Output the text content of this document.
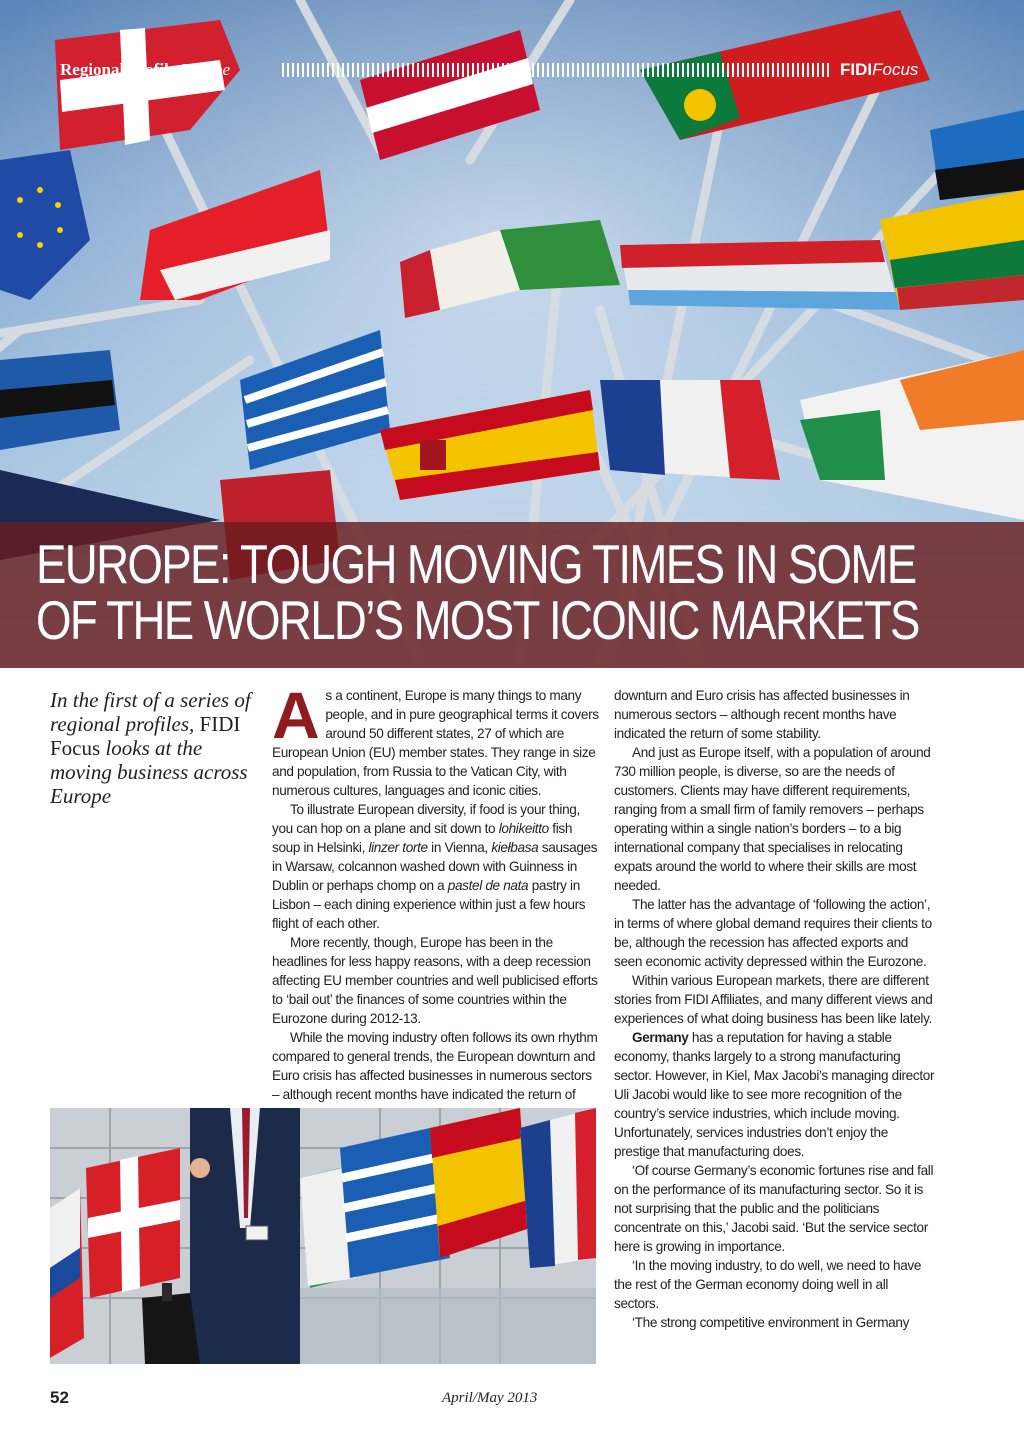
Regional profile Europe	FIDIFocus
EUROPE: TOUGH MOVING TIMES IN SOME
OF THE WORLD’S MOST ICONIC MARKETS

In the first of a series of regional profiles, FIDI Focus looks at the moving business across Europe

As a continent, Europe is many things to many people, and in pure geographical terms it covers around 50 different states, 27 of which are European Union (EU) member states. They range in size and population, from Russia to the Vatican City, with numerous cultures, languages and iconic cities.

To illustrate European diversity, if food is your thing, you can hop on a plane and sit down to lohikeitto fish soup in Helsinki, linzer torte in Vienna, kiełbasa sausages in Warsaw, colcannon washed down with Guinness in Dublin or perhaps chomp on a pastel de nata pastry in Lisbon – each dining experience within just a few hours flight of each other.

More recently, though, Europe has been in the headlines for less happy reasons, with a deep recession affecting EU member countries and well publicised efforts to ‘bail out’ the finances of some countries within the Eurozone during 2012-13.

While the moving industry often follows its own rhythm compared to general trends, the European downturn and Euro crisis has affected businesses in numerous sectors – although recent months have indicated the return of

downturn and Euro crisis has affected businesses in numerous sectors – although recent months have indicated the return of some stability.

And just as Europe itself, with a population of around 730 million people, is diverse, so are the needs of customers. Clients may have different requirements, ranging from a small firm of family removers – perhaps operating within a single nation’s borders – to a big international company that specialises in relocating expats around the world to where their skills are most needed.

The latter has the advantage of ‘following the action’, in terms of where global demand requires their clients to be, although the recession has affected exports and seen economic activity depressed within the Eurozone.

Within various European markets, there are different stories from FIDI Affiliates, and many different views and experiences of what doing business has been like lately.

Germany has a reputation for having a stable economy, thanks largely to a strong manufacturing sector. However, in Kiel, Max Jacobi’s managing director Uli Jacobi would like to see more recognition of the country’s service industries, which include moving. Unfortunately, services industries don’t enjoy the prestige that manufacturing does.

‘Of course Germany’s economic fortunes rise and fall on the performance of its manufacturing sector. So it is not surprising that the public and the politicians concentrate on this,’ Jacobi said. ‘But the service sector here is growing in importance.

‘In the moving industry, to do well, we need to have the rest of the German economy doing well in all sectors.

‘The strong competitive environment in Germany

52	April/May 2013
